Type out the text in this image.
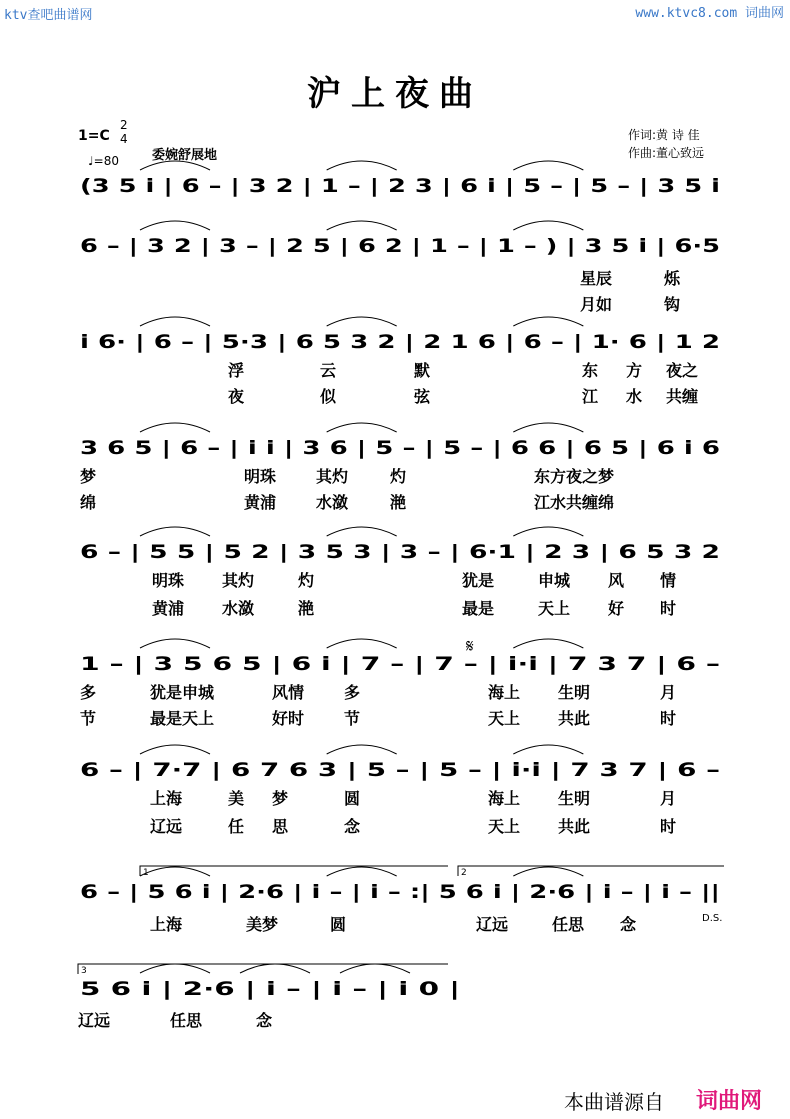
ktv查吧曲谱网	www.ktvc8.com 词曲网
沪上夜曲
1=C
2
4
♩=80	委婉舒展地
作词:黄 诗 佳
作曲:董心致远
𝄋
D.S.
(3 5 i | 6 – | 3 2 | 1 – | 2 3 | 6 i | 5 – | 5 – | 3 5 i
6 – | 3 2 | 3 – | 2 5 | 6 2 | 1 – | 1 – ) | 3 5 i | 6·5
星辰	烁
月如	钩
i 6· | 6 – | 5·3 | 6 5 3 2 | 2 1 6 | 6 – | 1· 6 | 1 2
浮	云	默	东 方 夜之
夜	似	弦	江 水 共缠
3 6 5 | 6 – | i i | 3 6 | 5 – | 5 – | 6 6 | 6 5 | 6 i 6
梦	明珠 其灼	灼	东方夜之梦
绵	黄浦 水潋	滟	江水共缠绵
6 – | 5 5 | 5 2 | 3 5 3 | 3 – | 6·1 | 2 3 | 6 5 3 2
明珠 其灼	灼	犹是	申城 风 情
黄浦 水潋	滟	最是	天上 好 时
1 – | 3 5 6 5 | 6 i | 7 – | 7 – | i·i | 7 3 7 | 6 –
多	犹是申城	风情 多	海上 生明	月
节	最是天上	好时 节	天上 共此	时
6 – | 7·7 | 6 7 6 3 | 5 – | 5 – | i·i | 7 3 7 | 6 –
上海	美 梦	圆	海上 生明	月
辽远	任 思	念	天上 共此	时
6 – | 5 6 i | 2·6 | i – | i – :| 5 6 i | 2·6 | i – | i – ||
上海	美梦	圆	辽远	任思 念
5 6 i | 2·6 | i – | i – | i 0 |
辽远	任思	念
1	2
3
本曲谱源自 词曲网
